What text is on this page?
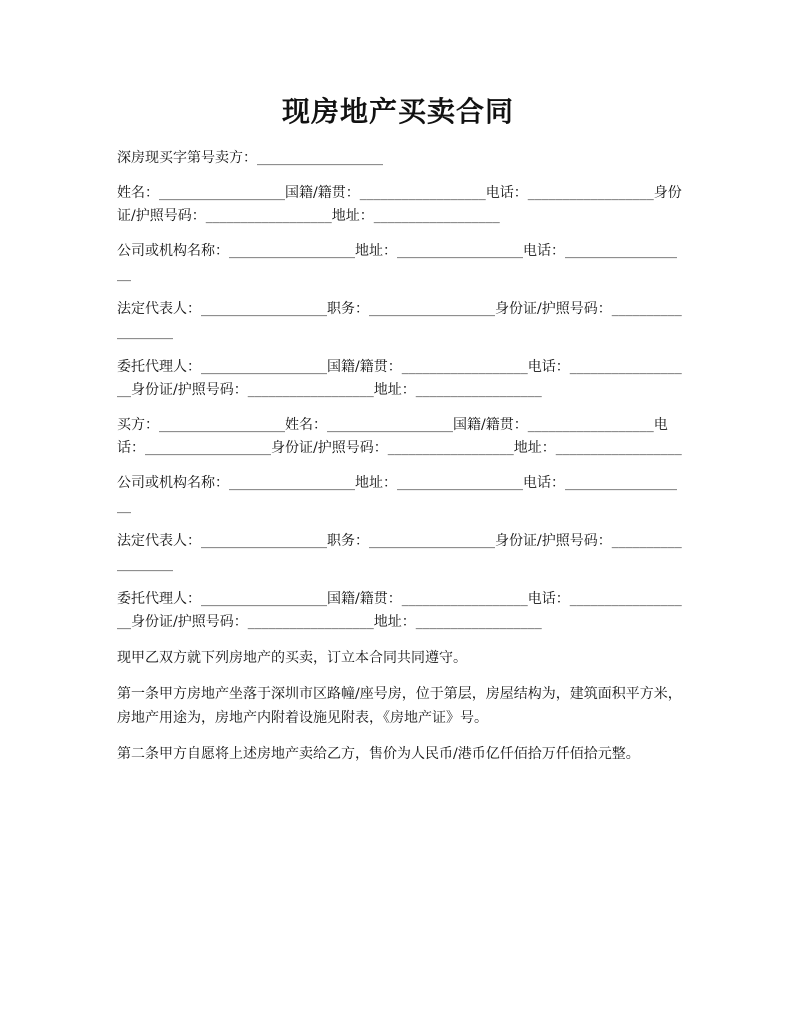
现房地产买卖合同

深房现买字第号卖方：__________________

姓名：__________________国籍/籍贯：__________________电话：__________________身份证/护照号码：__________________地址：__________________

公司或机构名称：__________________地址：__________________电话：__________________

法定代表人：__________________职务：__________________身份证/护照号码：__________________

委托代理人：__________________国籍/籍贯：__________________电话：__________________身份证/护照号码：__________________地址：__________________

买方：__________________姓名：__________________国籍/籍贯：__________________电话：__________________身份证/护照号码：__________________地址：__________________

公司或机构名称：__________________地址：__________________电话：__________________

法定代表人：__________________职务：__________________身份证/护照号码：__________________

委托代理人：__________________国籍/籍贯：__________________电话：__________________身份证/护照号码：__________________地址：__________________

现甲乙双方就下列房地产的买卖，订立本合同共同遵守。

第一条甲方房地产坐落于深圳市区路幢/座号房，位于第层，房屋结构为，建筑面积平方米，房地产用途为，房地产内附着设施见附表，《房地产证》号。

第二条甲方自愿将上述房地产卖给乙方，售价为人民币/港币亿仟佰拾万仟佰拾元整。
